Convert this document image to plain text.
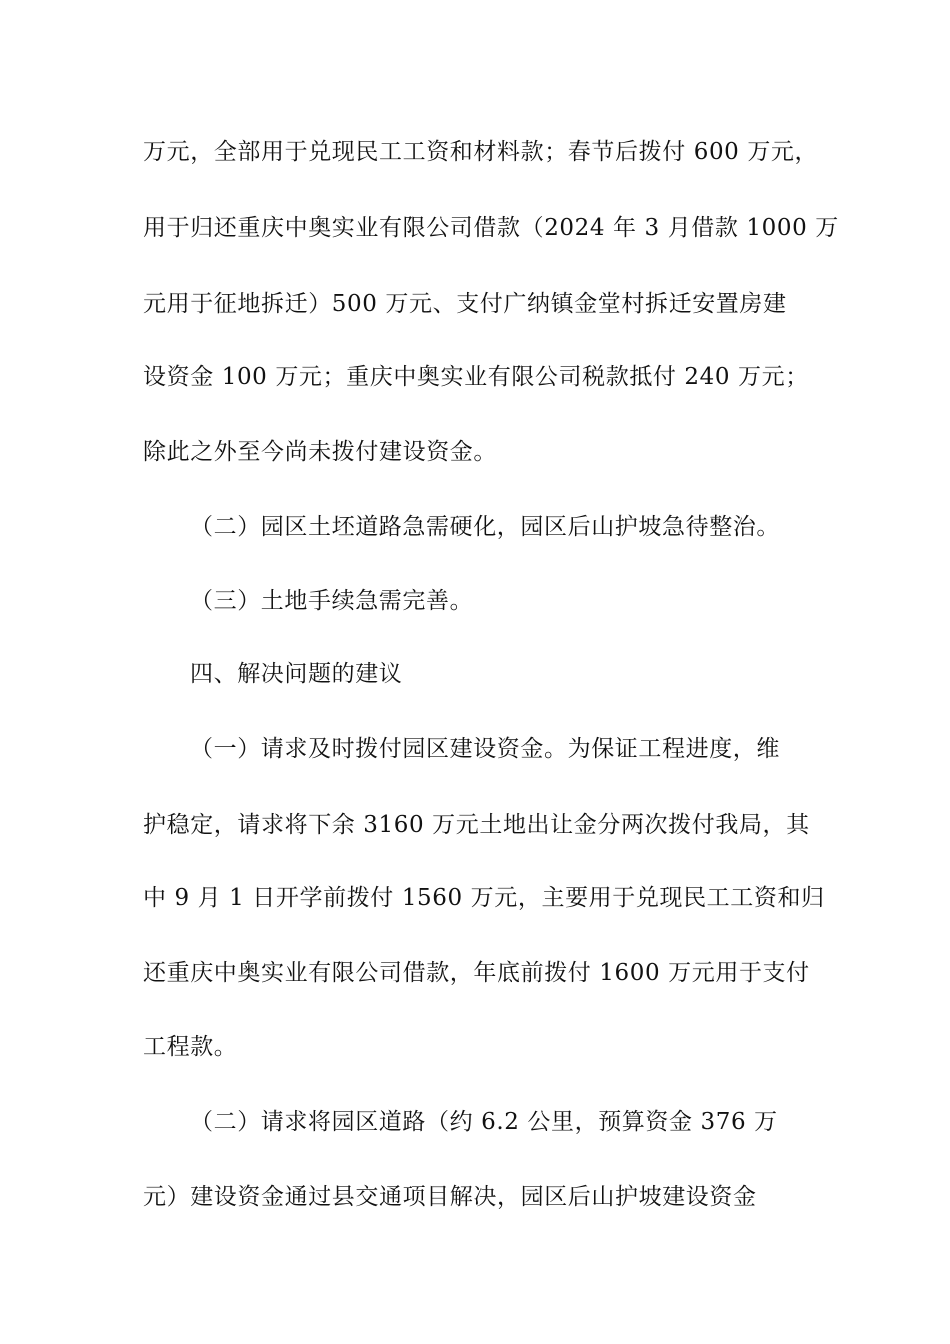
万元，全部用于兑现民工工资和材料款；春节后拨付 600 万元，
用于归还重庆中奥实业有限公司借款（2024 年 3 月借款 1000 万
元用于征地拆迁）500 万元、支付广纳镇金堂村拆迁安置房建
设资金 100 万元；重庆中奥实业有限公司税款抵付 240 万元；
除此之外至今尚未拨付建设资金。
（二）园区土坯道路急需硬化，园区后山护坡急待整治。
（三）土地手续急需完善。
四、解决问题的建议
（一）请求及时拨付园区建设资金。为保证工程进度，维
护稳定，请求将下余 3160 万元土地出让金分两次拨付我局，其
中 9 月 1 日开学前拨付 1560 万元，主要用于兑现民工工资和归
还重庆中奥实业有限公司借款，年底前拨付 1600 万元用于支付
工程款。
（二）请求将园区道路（约 6.2 公里，预算资金 376 万
元）建设资金通过县交通项目解决，园区后山护坡建设资金
